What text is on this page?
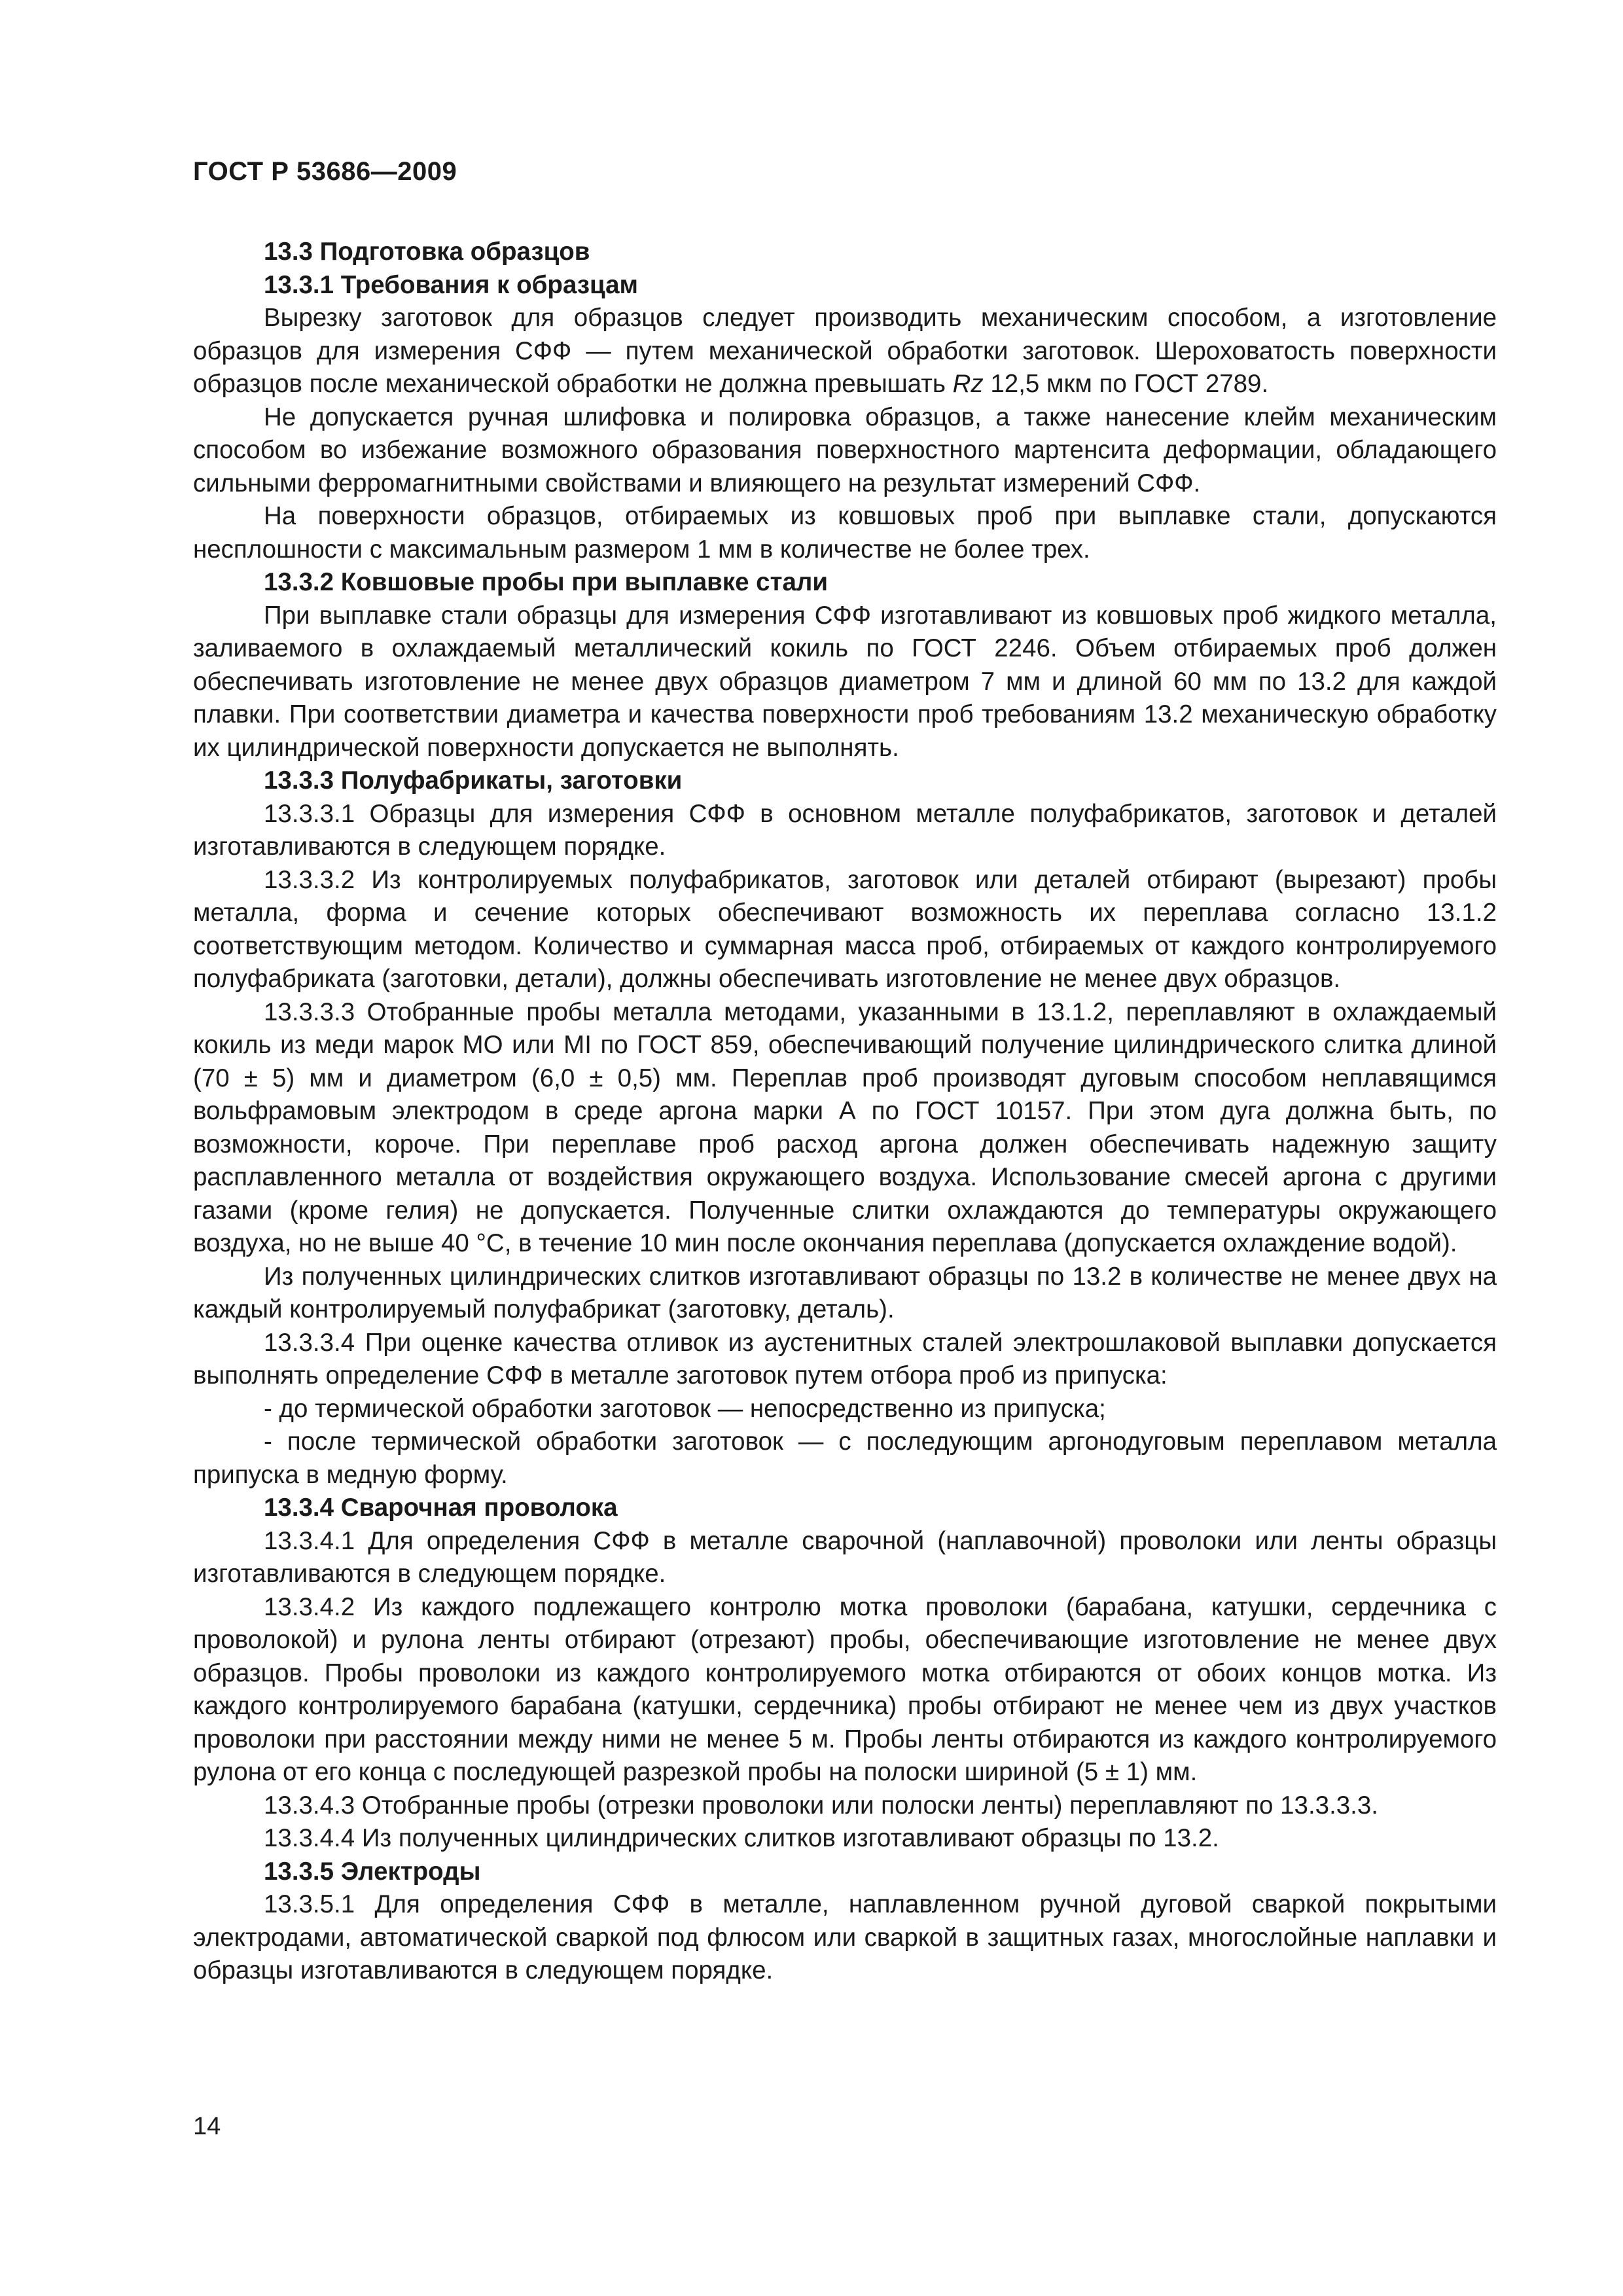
ГОСТ Р 53686—2009

13.3 Подготовка образцов

13.3.1 Требования к образцам

Вырезку заготовок для образцов следует производить механическим способом, а изготовление образцов для измерения СФФ — путем механической обработки заготовок. Шероховатость поверхности образцов после механической обработки не должна превышать Rz 12,5 мкм по ГОСТ 2789.

Не допускается ручная шлифовка и полировка образцов, а также нанесение клейм механическим способом во избежание возможного образования поверхностного мартенсита деформации, обладающего сильными ферромагнитными свойствами и влияющего на результат измерений СФФ.

На поверхности образцов, отбираемых из ковшовых проб при выплавке стали, допускаются несплошности с максимальным размером 1 мм в количестве не более трех.

13.3.2 Ковшовые пробы при выплавке стали

При выплавке стали образцы для измерения СФФ изготавливают из ковшовых проб жидкого металла, заливаемого в охлаждаемый металлический кокиль по ГОСТ 2246. Объем отбираемых проб должен обеспечивать изготовление не менее двух образцов диаметром 7 мм и длиной 60 мм по 13.2 для каждой плавки. При соответствии диаметра и качества поверхности проб требованиям 13.2 механическую обработку их цилиндрической поверхности допускается не выполнять.

13.3.3 Полуфабрикаты, заготовки

13.3.3.1 Образцы для измерения СФФ в основном металле полуфабрикатов, заготовок и деталей изготавливаются в следующем порядке.

13.3.3.2 Из контролируемых полуфабрикатов, заготовок или деталей отбирают (вырезают) пробы металла, форма и сечение которых обеспечивают возможность их переплава согласно 13.1.2 соответствующим методом. Количество и суммарная масса проб, отбираемых от каждого контролируемого полуфабриката (заготовки, детали), должны обеспечивать изготовление не менее двух образцов.

13.3.3.3 Отобранные пробы металла методами, указанными в 13.1.2, переплавляют в охлаждаемый кокиль из меди марок МО или МI по ГОСТ 859, обеспечивающий получение цилиндрического слитка длиной (70 ± 5) мм и диаметром (6,0 ± 0,5) мм. Переплав проб производят дуговым способом неплавящимся вольфрамовым электродом в среде аргона марки А по ГОСТ 10157. При этом дуга должна быть, по возможности, короче. При переплаве проб расход аргона должен обеспечивать надежную защиту расплавленного металла от воздействия окружающего воздуха. Использование смесей аргона с другими газами (кроме гелия) не допускается. Полученные слитки охлаждаются до температуры окружающего воздуха, но не выше 40 °С, в течение 10 мин после окончания переплава (допускается охлаждение водой).

Из полученных цилиндрических слитков изготавливают образцы по 13.2 в количестве не менее двух на каждый контролируемый полуфабрикат (заготовку, деталь).

13.3.3.4 При оценке качества отливок из аустенитных сталей электрошлаковой выплавки допускается выполнять определение СФФ в металле заготовок путем отбора проб из припуска:

- до термической обработки заготовок — непосредственно из припуска;

- после термической обработки заготовок — с последующим аргонодуговым переплавом металла припуска в медную форму.

13.3.4 Сварочная проволока

13.3.4.1 Для определения СФФ в металле сварочной (наплавочной) проволоки или ленты образцы изготавливаются в следующем порядке.

13.3.4.2 Из каждого подлежащего контролю мотка проволоки (барабана, катушки, сердечника с проволокой) и рулона ленты отбирают (отрезают) пробы, обеспечивающие изготовление не менее двух образцов. Пробы проволоки из каждого контролируемого мотка отбираются от обоих концов мотка. Из каждого контролируемого барабана (катушки, сердечника) пробы отбирают не менее чем из двух участков проволоки при расстоянии между ними не менее 5 м. Пробы ленты отбираются из каждого контролируемого рулона от его конца с последующей разрезкой пробы на полоски шириной (5 ± 1) мм.

13.3.4.3 Отобранные пробы (отрезки проволоки или полоски ленты) переплавляют по 13.3.3.3.

13.3.4.4 Из полученных цилиндрических слитков изготавливают образцы по 13.2.

13.3.5 Электроды

13.3.5.1 Для определения СФФ в металле, наплавленном ручной дуговой сваркой покрытыми электродами, автоматической сваркой под флюсом или сваркой в защитных газах, многослойные наплавки и образцы изготавливаются в следующем порядке.

14
